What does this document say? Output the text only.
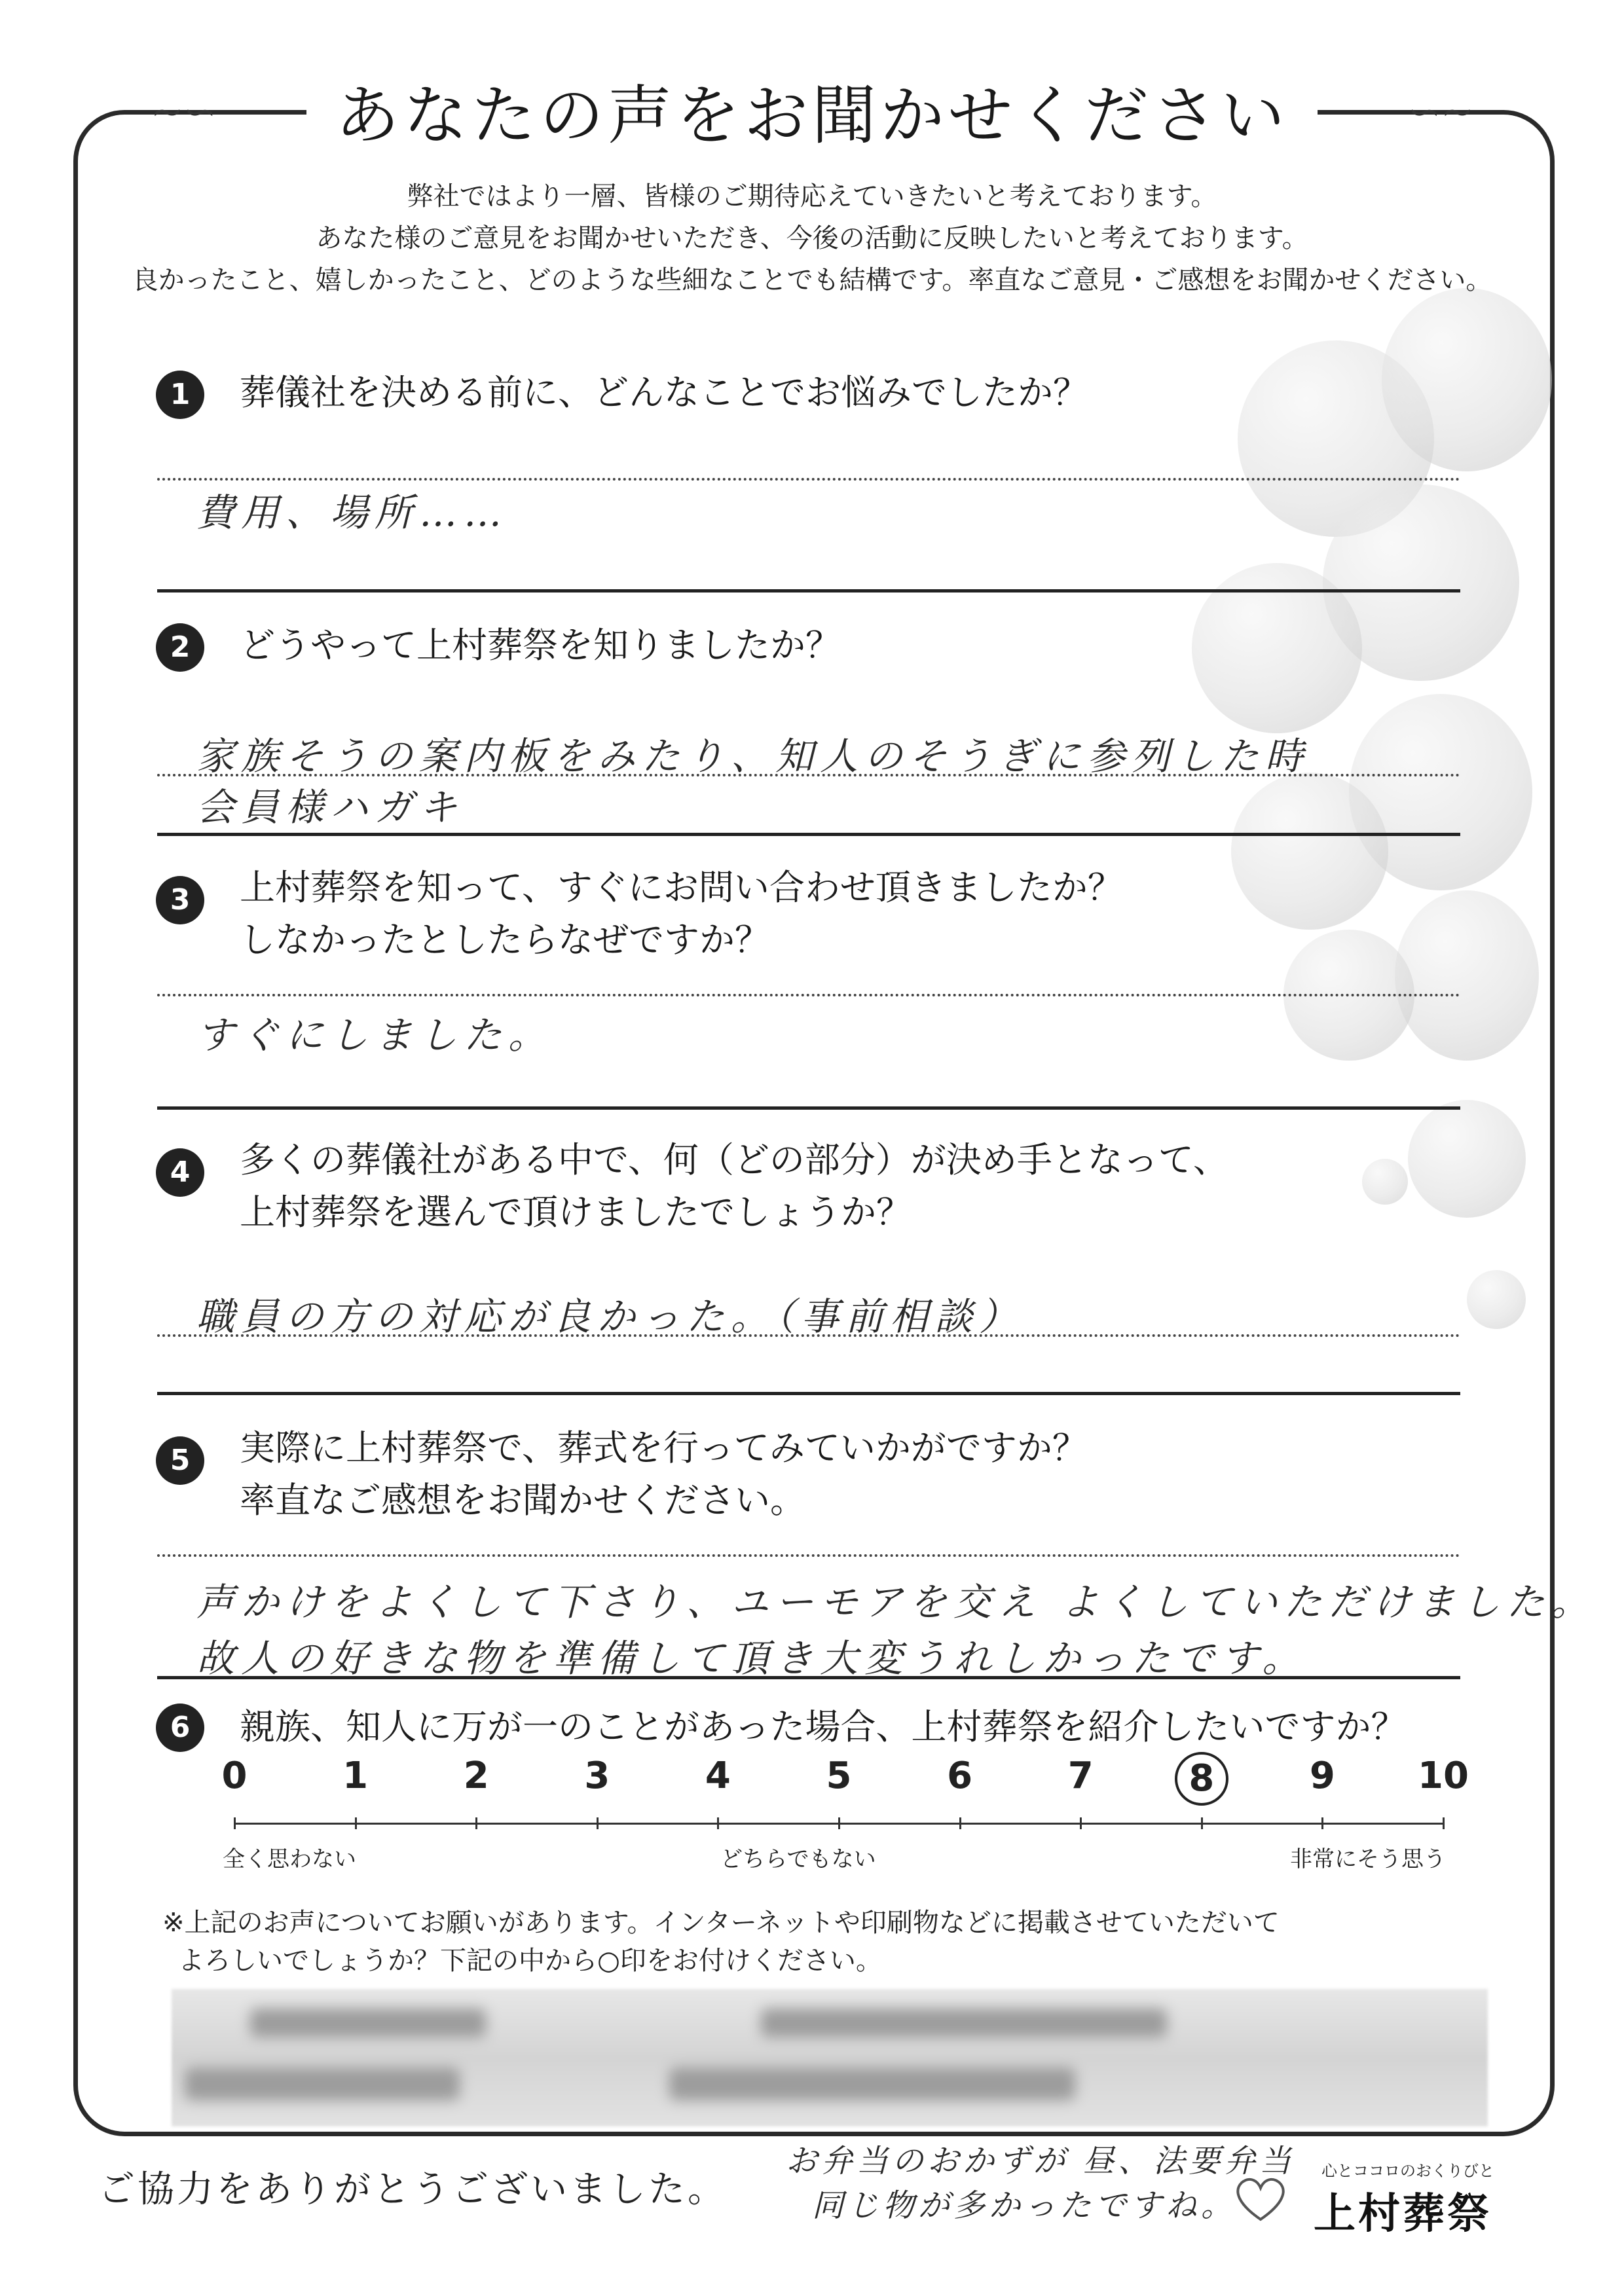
あなたの声をお聞かせください
~∽	∽~
弊社ではより一層、皆様のご期待応えていきたいと考えております。
あなた様のご意見をお聞かせいただき、今後の活動に反映したいと考えております。
良かったこと、嬉しかったこと、どのような些細なことでも結構です。率直なご意見・ご感想をお聞かせください。
1	葬儀社を決める前に、どんなことでお悩みでしたか？
費用、場所……
2	どうやって上村葬祭を知りましたか？
家族そうの案内板をみたり、知人のそうぎに参列した時
会員様ハガキ
3	上村葬祭を知って、すぐにお問い合わせ頂きましたか？
しなかったとしたらなぜですか？
すぐにしました。
4	多くの葬儀社がある中で、何（どの部分）が決め手となって、
上村葬祭を選んで頂けましたでしょうか？
職員の方の対応が良かった。（事前相談）
5	実際に上村葬祭で、葬式を行ってみていかがですか？
率直なご感想をお聞かせください。
声かけをよくして下さり、ユーモアを交え よくしていただけました。
故人の好きな物を準備して頂き大変うれしかったです。
6	親族、知人に万が一のことがあった場合、上村葬祭を紹介したいですか？
全く思わない	どちらでもない	非常にそう思う
0	1	2	3	4	5	6	7	8	9	10
※上記のお声についてお願いがあります。インターネットや印刷物などに掲載させていただいて
よろしいでしょうか？下記の中から○印をお付けください。
ご協力をありがとうございました。
お弁当のおかずが 昼、法要弁当
同じ物が多かったですね。
心とココロのおくりびと
上村葬祭
